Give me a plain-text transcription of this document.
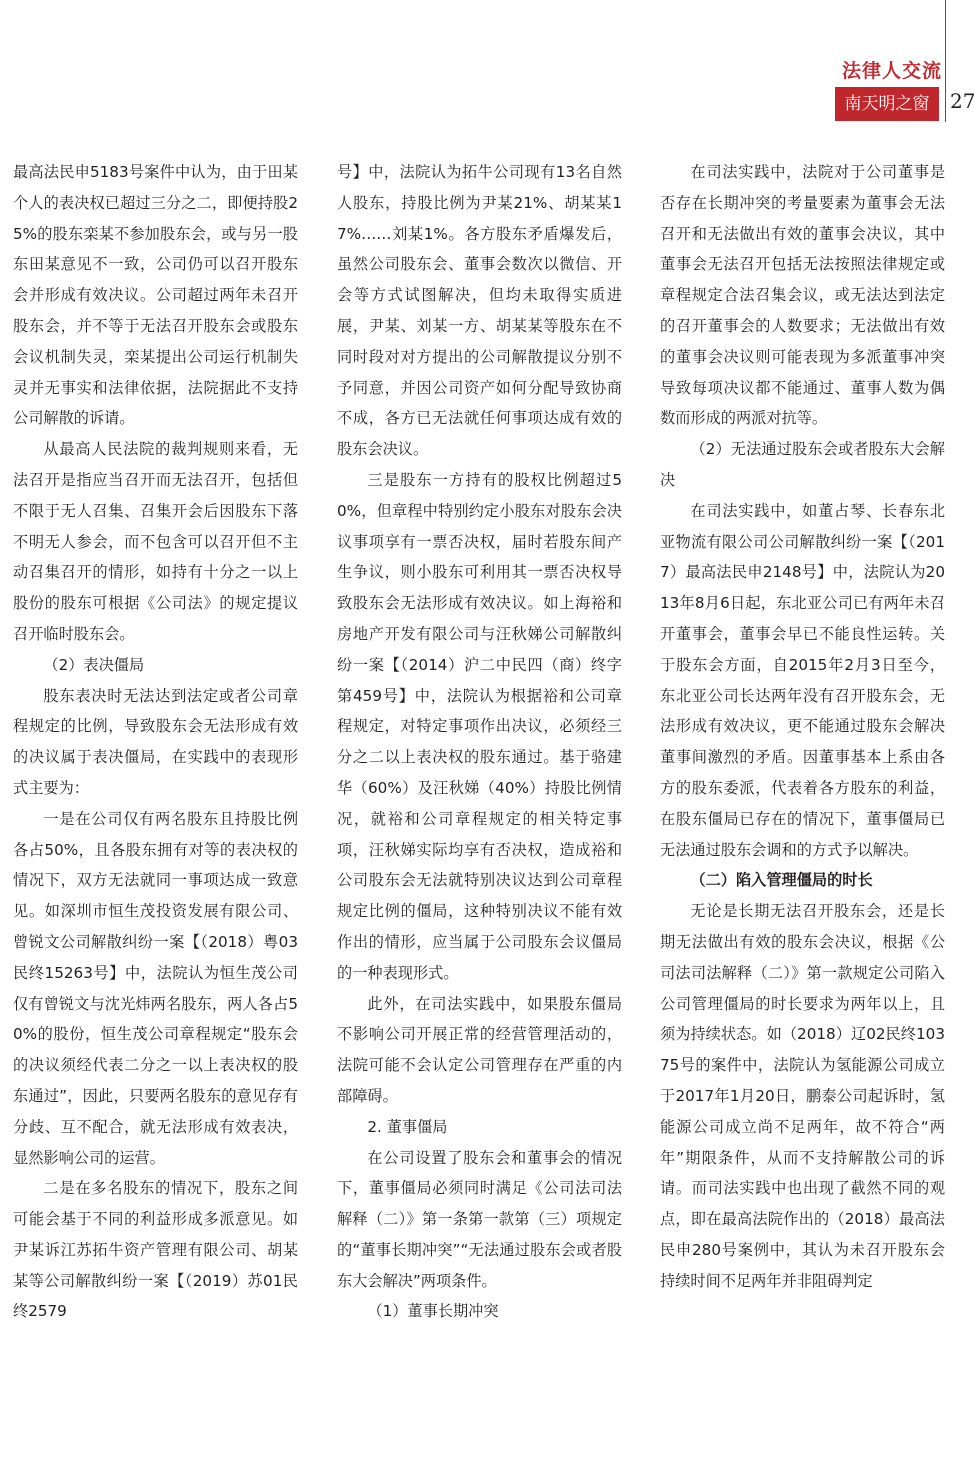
法律人交流
南天明之窗	27

最高法民申5183号案件中认为，由于田某个人的表决权已超过三分之二，即便持股25%的股东栾某不参加股东会，或与另一股东田某意见不一致，公司仍可以召开股东会并形成有效决议。公司超过两年未召开股东会，并不等于无法召开股东会或股东会议机制失灵，栾某提出公司运行机制失灵并无事实和法律依据，法院据此不支持公司解散的诉请。

从最高人民法院的裁判规则来看，无法召开是指应当召开而无法召开，包括但不限于无人召集、召集开会后因股东下落不明无人参会，而不包含可以召开但不主动召集召开的情形，如持有十分之一以上股份的股东可根据《公司法》的规定提议召开临时股东会。

（2）表决僵局

股东表决时无法达到法定或者公司章程规定的比例，导致股东会无法形成有效的决议属于表决僵局，在实践中的表现形式主要为：

一是在公司仅有两名股东且持股比例各占50%，且各股东拥有对等的表决权的情况下，双方无法就同一事项达成一致意见。如深圳市恒生茂投资发展有限公司、曾锐文公司解散纠纷一案【（2018）粤03民终15263号】中，法院认为恒生茂公司仅有曾锐文与沈光炜两名股东，两人各占50%的股份，恒生茂公司章程规定“股东会的决议须经代表二分之一以上表决权的股东通过”，因此，只要两名股东的意见存有分歧、互不配合，就无法形成有效表决，显然影响公司的运营。

二是在多名股东的情况下，股东之间可能会基于不同的利益形成多派意见。如尹某诉江苏拓牛资产管理有限公司、胡某某等公司解散纠纷一案【（2019）苏01民终2579

号】中，法院认为拓牛公司现有13名自然人股东，持股比例为尹某21%、胡某某17%……刘某1%。各方股东矛盾爆发后，虽然公司股东会、董事会数次以微信、开会等方式试图解决，但均未取得实质进展，尹某、刘某一方、胡某某等股东在不同时段对对方提出的公司解散提议分别不予同意，并因公司资产如何分配导致协商不成，各方已无法就任何事项达成有效的股东会决议。

三是股东一方持有的股权比例超过50%，但章程中特别约定小股东对股东会决议事项享有一票否决权，届时若股东间产生争议，则小股东可利用其一票否决权导致股东会无法形成有效决议。如上海裕和房地产开发有限公司与汪秋娣公司解散纠纷一案【（2014）沪二中民四（商）终字第459号】中，法院认为根据裕和公司章程规定，对特定事项作出决议，必须经三分之二以上表决权的股东通过。基于骆建华（60%）及汪秋娣（40%）持股比例情况，就裕和公司章程规定的相关特定事项，汪秋娣实际均享有否决权，造成裕和公司股东会无法就特别决议达到公司章程规定比例的僵局，这种特别决议不能有效作出的情形，应当属于公司股东会议僵局的一种表现形式。

此外，在司法实践中，如果股东僵局不影响公司开展正常的经营管理活动的，法院可能不会认定公司管理存在严重的内部障碍。

2. 董事僵局

在公司设置了股东会和董事会的情况下，董事僵局必须同时满足《公司法司法解释（二）》第一条第一款第（三）项规定的“董事长期冲突”“无法通过股东会或者股东大会解决”两项条件。

（1）董事长期冲突

在司法实践中，法院对于公司董事是否存在长期冲突的考量要素为董事会无法召开和无法做出有效的董事会决议，其中董事会无法召开包括无法按照法律规定或章程规定合法召集会议，或无法达到法定的召开董事会的人数要求；无法做出有效的董事会决议则可能表现为多派董事冲突导致每项决议都不能通过、董事人数为偶数而形成的两派对抗等。

（2）无法通过股东会或者股东大会解决

在司法实践中，如董占琴、长春东北亚物流有限公司公司解散纠纷一案【（2017）最高法民申2148号】中，法院认为2013年8月6日起，东北亚公司已有两年未召开董事会，董事会早已不能良性运转。关于股东会方面，自2015年2月3日至今，东北亚公司长达两年没有召开股东会，无法形成有效决议，更不能通过股东会解决董事间激烈的矛盾。因董事基本上系由各方的股东委派，代表着各方股东的利益，在股东僵局已存在的情况下，董事僵局已无法通过股东会调和的方式予以解决。

（二）陷入管理僵局的时长

无论是长期无法召开股东会，还是长期无法做出有效的股东会决议，根据《公司法司法解释（二）》第一款规定公司陷入公司管理僵局的时长要求为两年以上，且须为持续状态。如（2018）辽02民终10375号的案件中，法院认为氢能源公司成立于2017年1月20日，鹏泰公司起诉时，氢能源公司成立尚不足两年，故不符合“两年”期限条件，从而不支持解散公司的诉请。而司法实践中也出现了截然不同的观点，即在最高法院作出的（2018）最高法民申280号案例中，其认为未召开股东会持续时间不足两年并非阻碍判定
